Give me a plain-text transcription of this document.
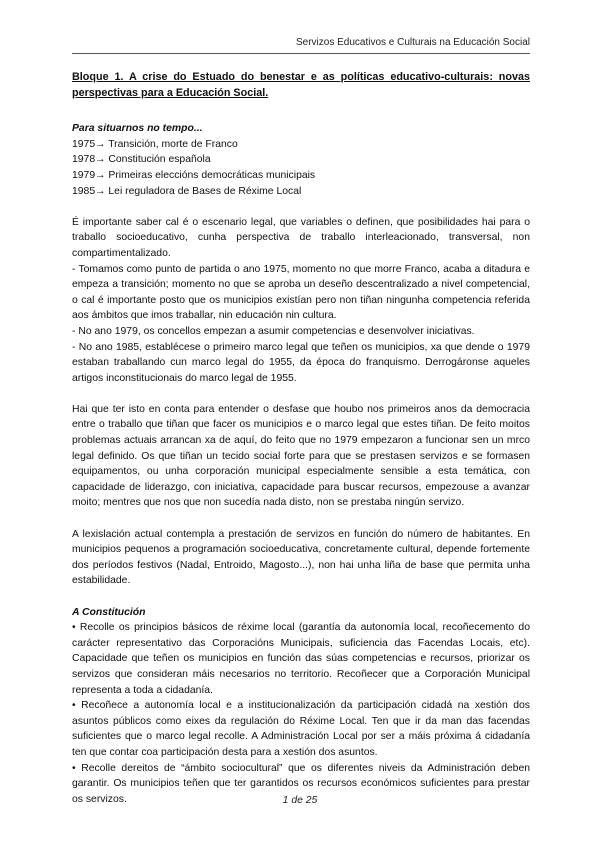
Servizos Educativos e Culturais na Educación Social

Bloque 1. A crise do Estuado do benestar e as políticas educativo-culturais: novas perspectivas para a Educación Social.

Para situarnos no tempo...

1975→ Transición, morte de Franco

1978→ Constitución española

1979→ Primeiras eleccións democráticas municipais

1985→ Lei reguladora de Bases de Réxime Local

É importante saber cal é o escenario legal, que variables o definen, que posibilidades hai para o traballo socioeducativo, cunha perspectiva de traballo interleacionado, transversal, non compartimentalizado.

- Tomamos como punto de partida o ano 1975, momento no que morre Franco, acaba a ditadura e empeza a transición; momento no que se aproba un deseño descentralizado a nivel competencial, o cal é importante posto que os municipios existían pero non tiñan ningunha competencia referida aos ámbitos que imos traballar, nin educación nin cultura.

- No ano 1979, os concellos empezan a asumir competencias e desenvolver iniciativas.

- No ano 1985, establécese o primeiro marco legal que teñen os municipios, xa que dende o 1979 estaban traballando cun marco legal do 1955, da época do franquismo. Derrogáronse aqueles artigos inconstitucionais do marco legal de 1955.

Hai que ter isto en conta para entender o desfase que houbo nos primeiros anos da democracia entre o traballo que tiñan que facer os municipios e o marco legal que estes tiñan. De feito moitos problemas actuais arrancan xa de aquí, do feito que no 1979 empezaron a funcionar sen un mrco legal definido. Os que tiñan un tecido social forte para que se prestasen servizos e se formasen equipamentos, ou unha corporación municipal especialmente sensible a esta temática, con capacidade de liderazgo, con iniciativa, capacidade para buscar recursos, empezouse a avanzar moito; mentres que nos que non sucedía nada disto, non se prestaba ningún servizo.

A lexislación actual contempla a prestación de servizos en función do número de habitantes. En municipios pequenos a programación socioeducativa, concretamente cultural, depende fortemente dos períodos festivos (Nadal, Entroido, Magosto...), non hai unha liña de base que permita unha estabilidade.

A Constitución

• Recolle os principios básicos de réxime local (garantía da autonomía local, recoñecemento do carácter representativo das Corporacións Municipais, suficiencia das Facendas Locais, etc). Capacidade que teñen os municipios en función das súas competencias e recursos, priorizar os servizos que consideran máis necesarios no territorio. Recoñecer que a Corporación Municipal representa a toda a cidadanía.

• Recoñece a autonomía local e a institucionalización da participación cidadá na xestión dos asuntos públicos como eixes da regulación do Réxime Local. Ten que ir da man das facendas suficientes que o marco legal recolle. A Administración Local por ser a máis próxima á cidadanía ten que contar coa participación desta para a xestión dos asuntos.

• Recolle dereitos de “ámbito sociocultural” que os diferentes niveis da Administración deben garantir. Os municipios teñen que ter garantidos os recursos económicos suficientes para prestar os servizos.	1 de 25
